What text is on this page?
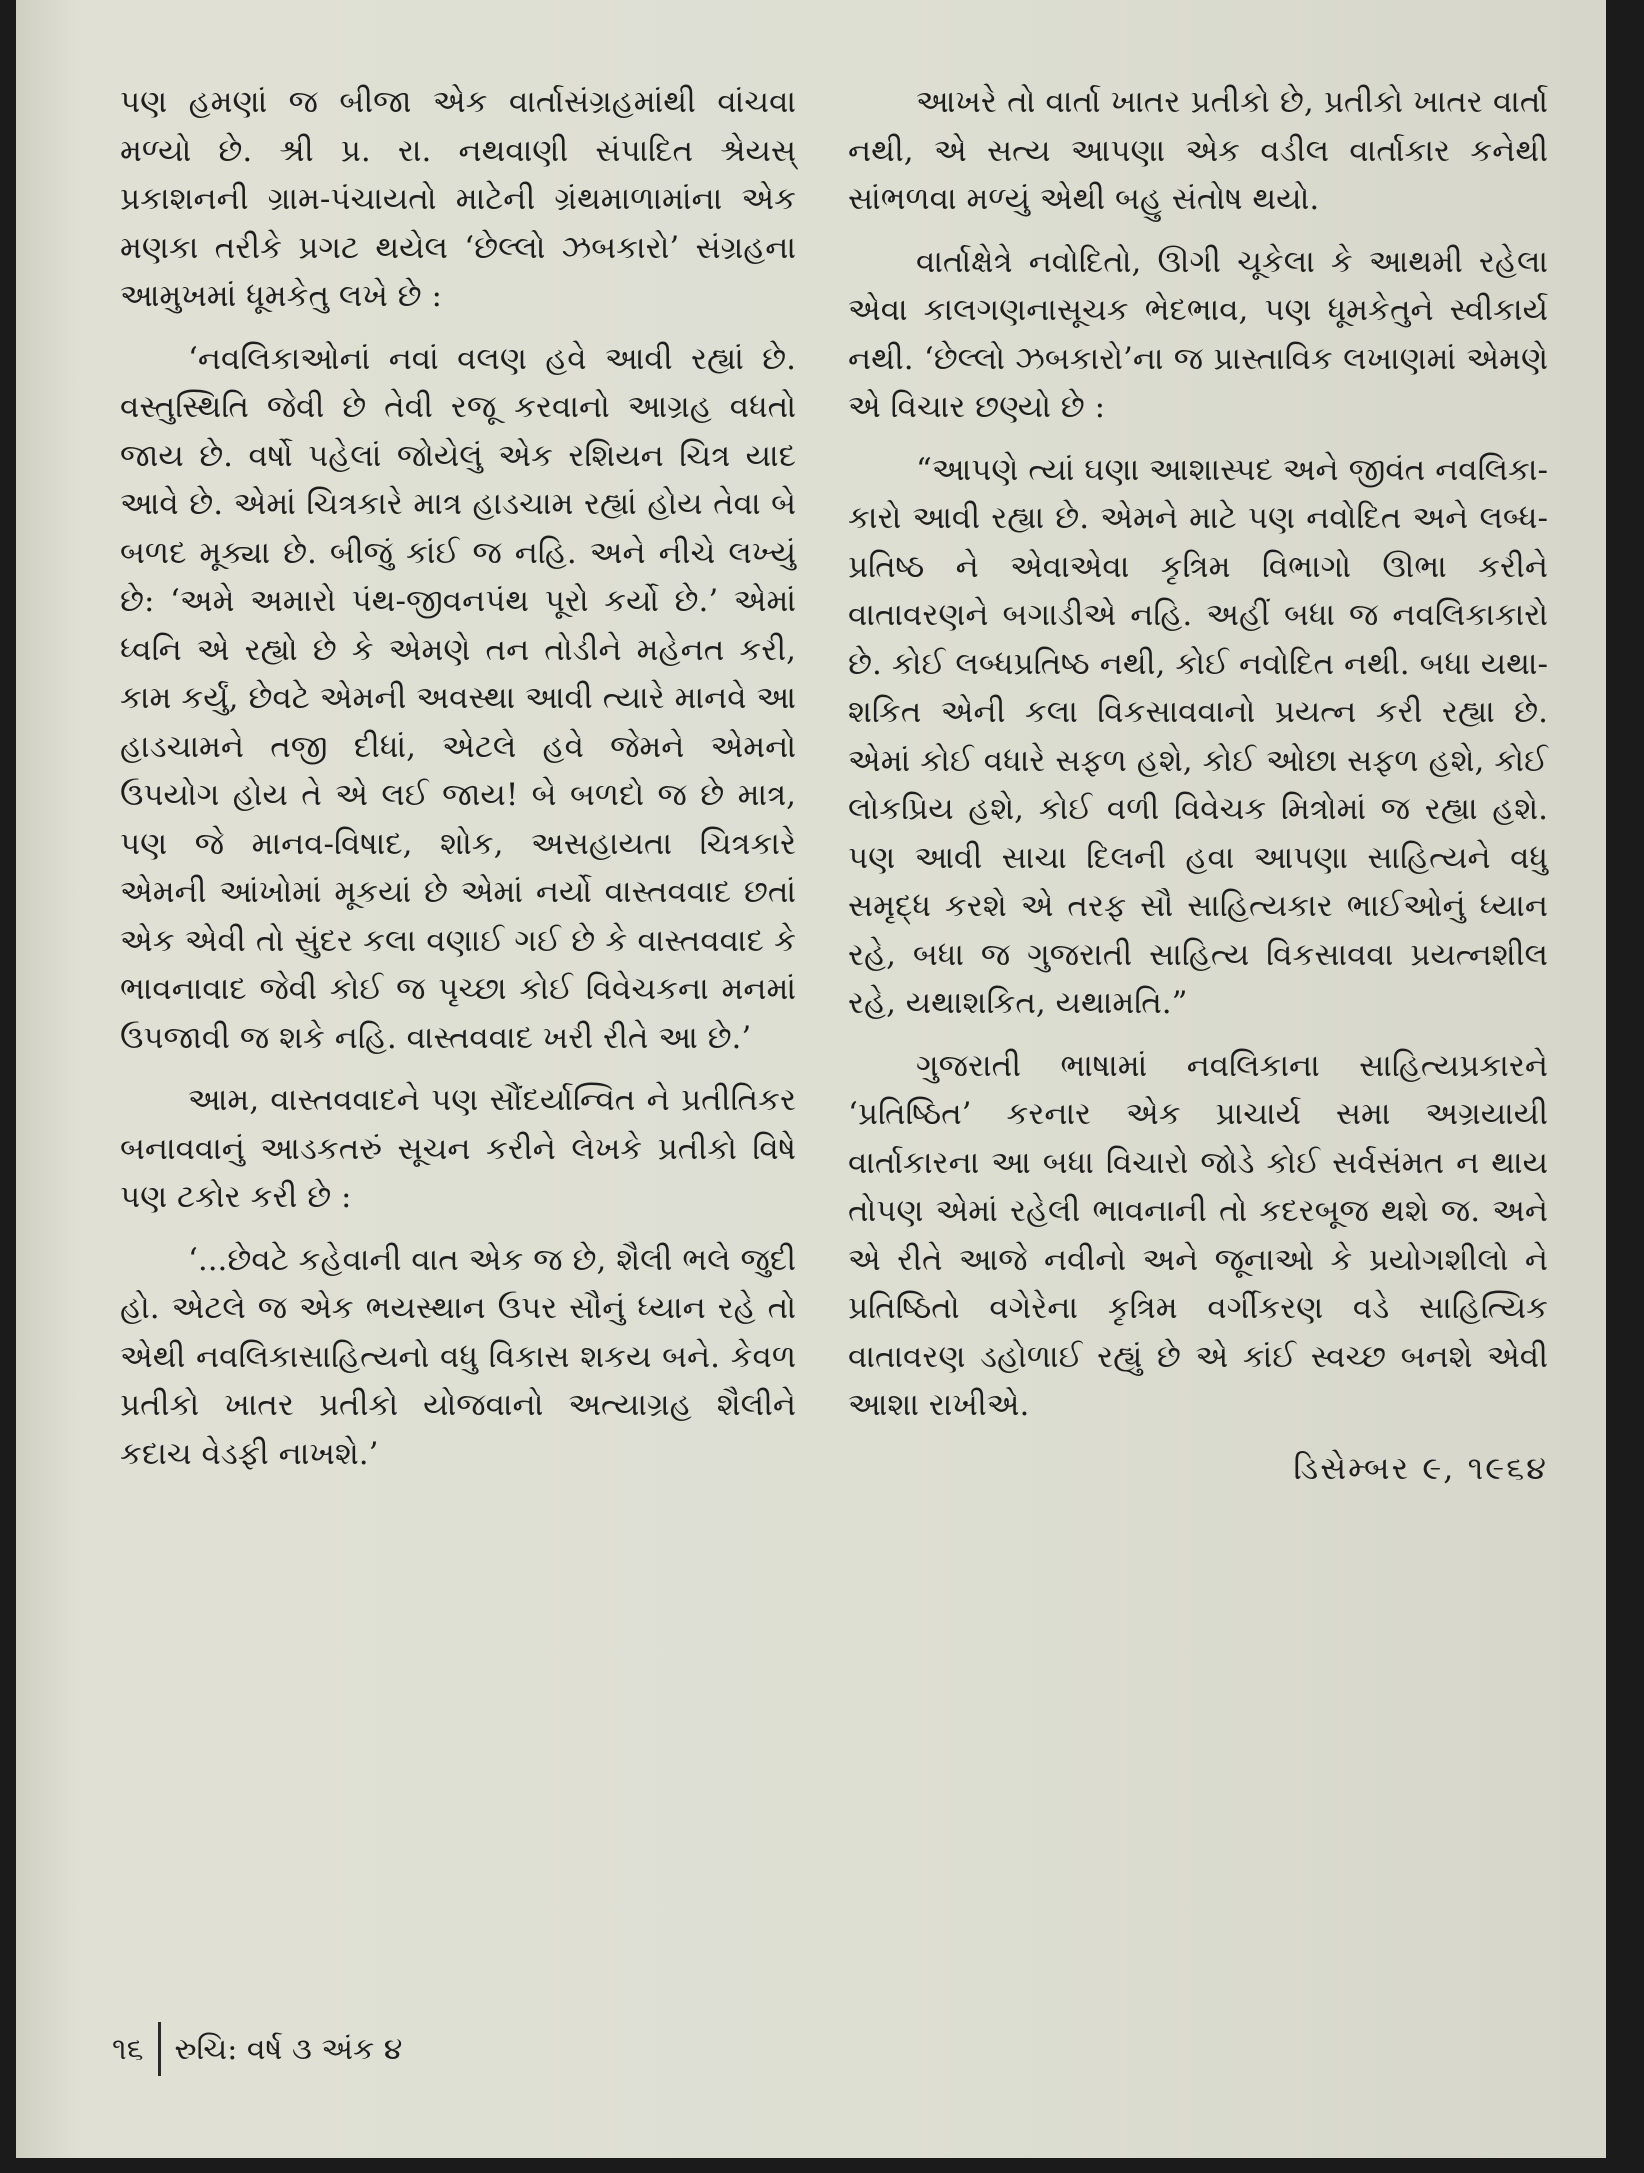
પણ હમણાં જ બીજા એક વાર્તાસંગ્રહમાંથી વાંચવા મળ્યો છે. શ્રી પ્ર. રા. નથવાણી સંપાદિત શ્રેયસ્ પ્રકાશનની ગ્રામ-પંચાયતો માટેની ગ્રંથમાળામાંના એક મણકા તરીકે પ્રગટ થયેલ ‘છેલ્લો ઝબકારો’ સંગ્રહના આમુખમાં ધૂમકેતુ લખે છે :

‘નવલિકાઓનાં નવાં વલણ હવે આવી રહ્યાં છે. વસ્તુસ્થિતિ જેવી છે તેવી રજૂ કરવાનો આગ્રહ વધતો જાય છે. વર્ષો પહેલાં જોયેલું એક રશિયન ચિત્ર યાદ આવે છે. એમાં ચિત્રકારે માત્ર હાડચામ રહ્યાં હોય તેવા બે બળદ મૂક્યા છે. બીજું કાંઈ જ નહિ. અને નીચે લખ્યું છે: ‘અમે અમારો પંથ-જીવનપંથ પૂરો કર્યો છે.’ એમાં ધ્વનિ એ રહ્યો છે કે એમણે તન તોડીને મહેનત કરી, કામ કર્યું, છેવટે એમની અવસ્થા આવી ત્યારે માનવે આ હાડચામને તજી દીધાં, એટલે હવે જેમને એમનો ઉપયોગ હોય તે એ લઈ જાય! બે બળદો જ છે માત્ર, પણ જે માનવ-વિષાદ, શોક, અસહાયતા ચિત્રકારે એમની આંખોમાં મૂકયાં છે એમાં નર્યો વાસ્તવવાદ છતાં એક એવી તો સુંદર કલા વણાઈ ગઈ છે કે વાસ્તવવાદ કે ભાવનાવાદ જેવી કોઈ જ પૃચ્છા કોઈ વિવેચકના મનમાં ઉપજાવી જ શકે નહિ. વાસ્તવવાદ ખરી રીતે આ છે.’

આમ, વાસ્તવવાદને પણ સૌંદર્યાન્વિત ને પ્રતીતિકર બનાવવાનું આડકતરું સૂચન કરીને લેખકે પ્રતીકો વિષે પણ ટકોર કરી છે :

‘...છેવટે કહેવાની વાત એક જ છે, શૈલી ભલે જુદી હો. એટલે જ એક ભયસ્થાન ઉપર સૌનું ધ્યાન રહે તો એથી નવલિકાસાહિત્યનો વધુ વિકાસ શકય બને. કેવળ પ્રતીકો ખાતર પ્રતીકો યોજવાનો અત્યાગ્રહ શૈલીને કદાચ વેડફી નાખશે.’

આખરે તો વાર્તા ખાતર પ્રતીકો છે, પ્રતીકો ખાતર વાર્તા નથી, એ સત્ય આપણા એક વડીલ વાર્તાકાર કનેથી સાંભળવા મળ્યું એથી બહુ સંતોષ થયો.

વાર્તાક્ષેત્રે નવોદિતો, ઊગી ચૂકેલા કે આથમી રહેલા એવા કાલગણનાસૂચક ભેદભાવ, પણ ધૂમકેતુને સ્વીકાર્ય નથી. ‘છેલ્લો ઝબકારો’ના જ પ્રાસ્તાવિક લખાણમાં એમણે એ વિચાર છણ્યો છે :

“આપણે ત્યાં ઘણા આશાસ્પદ અને જીવંત નવલિકા-કારો આવી રહ્યા છે. એમને માટે પણ નવોદિત અને લબ્ધ-પ્રતિષ્ઠ ને એવાએવા કૃત્રિમ વિભાગો ઊભા કરીને વાતાવરણને બગાડીએ નહિ. અહીં બધા જ નવલિકાકારો છે. કોઈ લબ્ધપ્રતિષ્ઠ નથી, કોઈ નવોદિત નથી. બધા યથા-શકિત એની કલા વિકસાવવાનો પ્રયત્ન કરી રહ્યા છે. એમાં કોઈ વધારે સફળ હશે, કોઈ ઓછા સફળ હશે, કોઈ લોકપ્રિય હશે, કોઈ વળી વિવેચક મિત્રોમાં જ રહ્યા હશે. પણ આવી સાચા દિલની હવા આપણા સાહિત્યને વધુ સમૃદ્ધ કરશે એ તરફ સૌ સાહિત્યકાર ભાઈઓનું ધ્યાન રહે, બધા જ ગુજરાતી સાહિત્ય વિકસાવવા પ્રયત્નશીલ રહે, યથાશકિત, યથામતિ.”

ગુજરાતી ભાષામાં નવલિકાના સાહિત્યપ્રકારને ‘પ્રતિષ્ઠિત’ કરનાર એક પ્રાચાર્ય સમા અગ્રયાયી વાર્તાકારના આ બધા વિચારો જોડે કોઈ સર્વસંમત ન થાય તોપણ એમાં રહેલી ભાવનાની તો કદરબૂજ થશે જ. અને એ રીતે આજે નવીનો અને જૂનાઓ કે પ્રયોગશીલો ને પ્રતિષ્ઠિતો વગેરેના કૃત્રિમ વર્ગીકરણ વડે સાહિત્યિક વાતાવરણ ડહોળાઈ રહ્યું છે એ કાંઈ સ્વચ્છ બનશે એવી આશા રાખીએ.

ડિસેમ્બર ૯, ૧૯૬૪
૧૬ રુચિ: વર્ષ ૩ અંક ૪
